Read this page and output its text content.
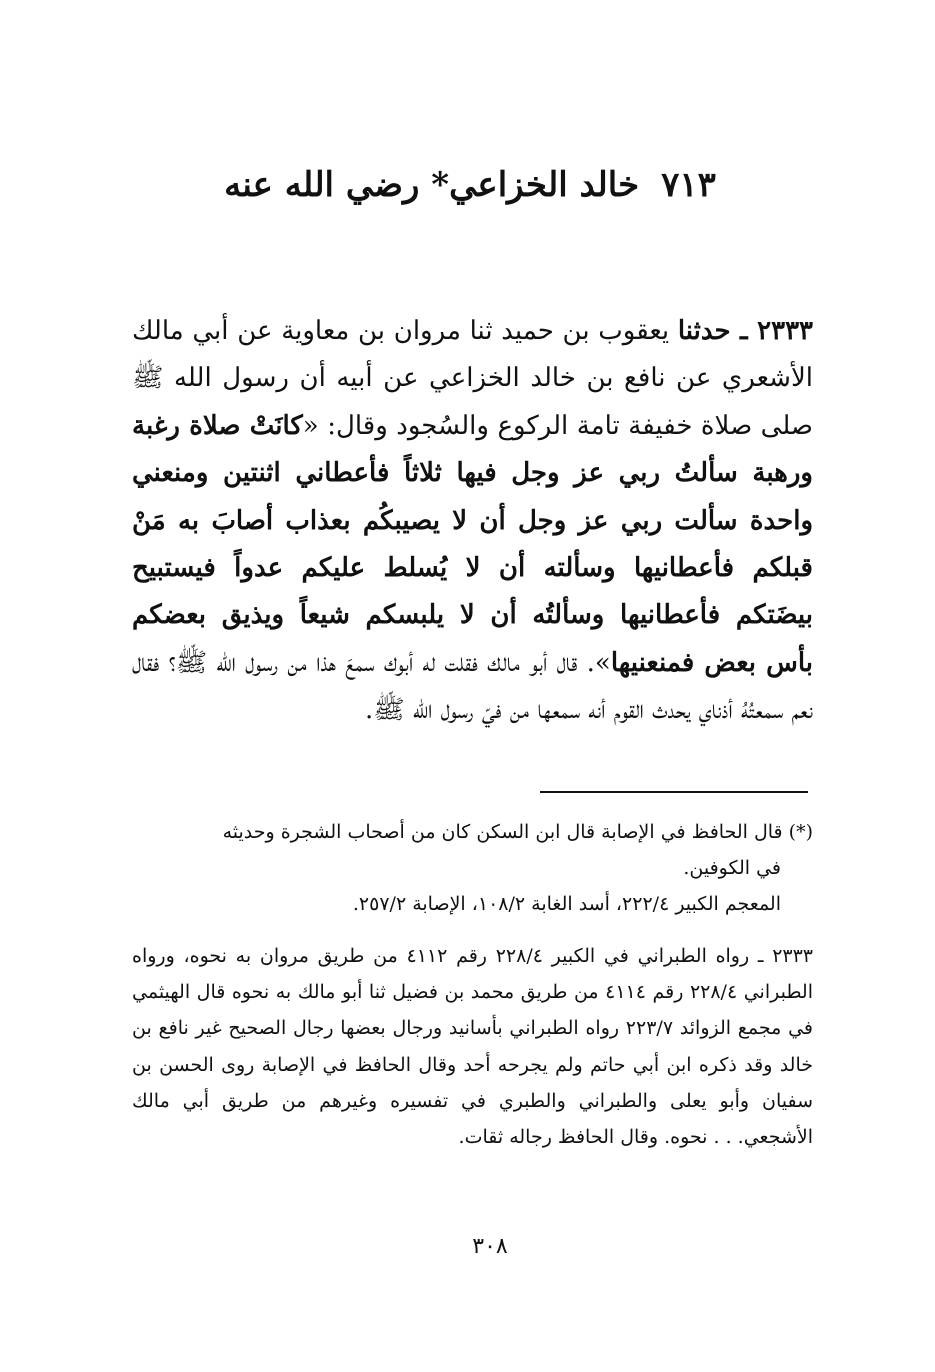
٧١٣خالد الخزاعي* رضي الله عنه

٢٣٣٣ ـ حدثنا يعقوب بن حميد ثنا مروان بن معاوية عن أبي مالك الأشعري عن نافع بن خالد الخزاعي عن أبيه أن رسول الله ﷺ صلى صلاة خفيفة تامة الركوع والسُجود وقال: «كانَتْ صلاة رغبة ورهبة سألتُ ربي عز وجل فيها ثلاثاً فأعطاني اثنتين ومنعني واحدة سألت ربي عز وجل أن لا يصيبكُم بعذاب أصابَ به مَنْ قبلكم فأعطانيها وسألته أن لا يُسلط عليكم عدواً فيستبيح بيضَتكم فأعطانيها وسألتُه أن لا يلبسكم شيعاً ويذيق بعضكم بأس بعض فمنعنيها». قال أبو مالك فقلت له أبوك سمعَ هذا من رسول الله ﷺ؟ فقال نعم سمعتُهُ أذناي يحدث القوم أنه سمعها من فيّ رسول الله ﷺ.

(*) قال الحافظ في الإصابة قال ابن السكن كان من أصحاب الشجرة وحديثه
في الكوفين.
المعجم الكبير ٢٢٢/٤، أسد الغابة ١٠٨/٢، الإصابة ٢٥٧/٢.

٢٣٣٣ ـ رواه الطبراني في الكبير ٢٢٨/٤ رقم ٤١١٢ من طريق مروان به نحوه، ورواه الطبراني ٢٢٨/٤ رقم ٤١١٤ من طريق محمد بن فضيل ثنا أبو مالك به نحوه قال الهيثمي في مجمع الزوائد ٢٢٣/٧ رواه الطبراني بأسانيد ورجال بعضها رجال الصحيح غير نافع بن خالد وقد ذكره ابن أبي حاتم ولم يجرحه أحد وقال الحافظ في الإصابة روى الحسن بن سفيان وأبو يعلى والطبراني والطبري في تفسيره وغيرهم من طريق أبي مالك الأشجعي. . . نحوه. وقال الحافظ رجاله ثقات.

٣٠٨
